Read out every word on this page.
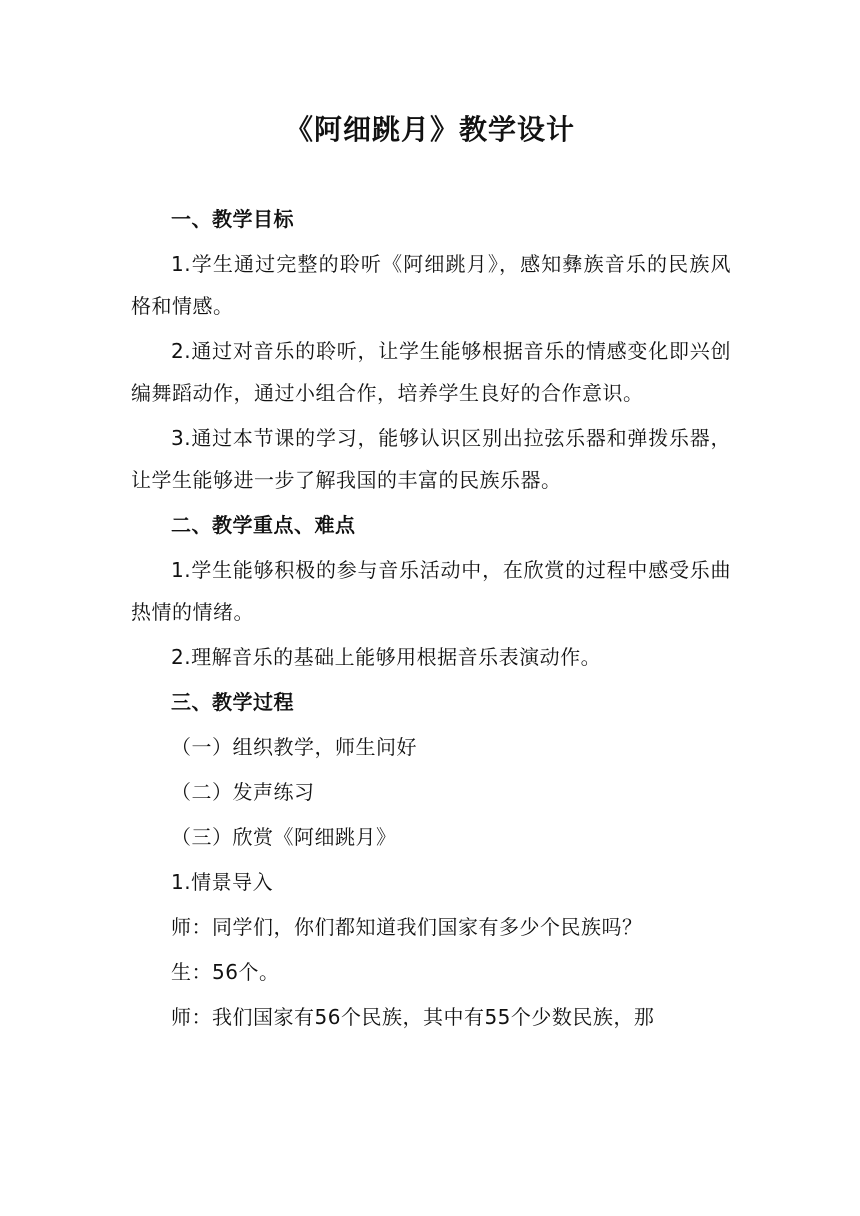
《阿细跳月》教学设计

一、教学目标

1.学生通过完整的聆听《阿细跳月》，感知彝族音乐的民族风格和情感。

2.通过对音乐的聆听，让学生能够根据音乐的情感变化即兴创编舞蹈动作，通过小组合作，培养学生良好的合作意识。

3.通过本节课的学习，能够认识区别出拉弦乐器和弹拨乐器，让学生能够进一步了解我国的丰富的民族乐器。

二、教学重点、难点

1.学生能够积极的参与音乐活动中，在欣赏的过程中感受乐曲热情的情绪。

2.理解音乐的基础上能够用根据音乐表演动作。

三、教学过程

（一）组织教学，师生问好

（二）发声练习

（三）欣赏《阿细跳月》

1.情景导入

师：同学们，你们都知道我们国家有多少个民族吗？

生：56个。

师：我们国家有56个民族，其中有55个少数民族，那
